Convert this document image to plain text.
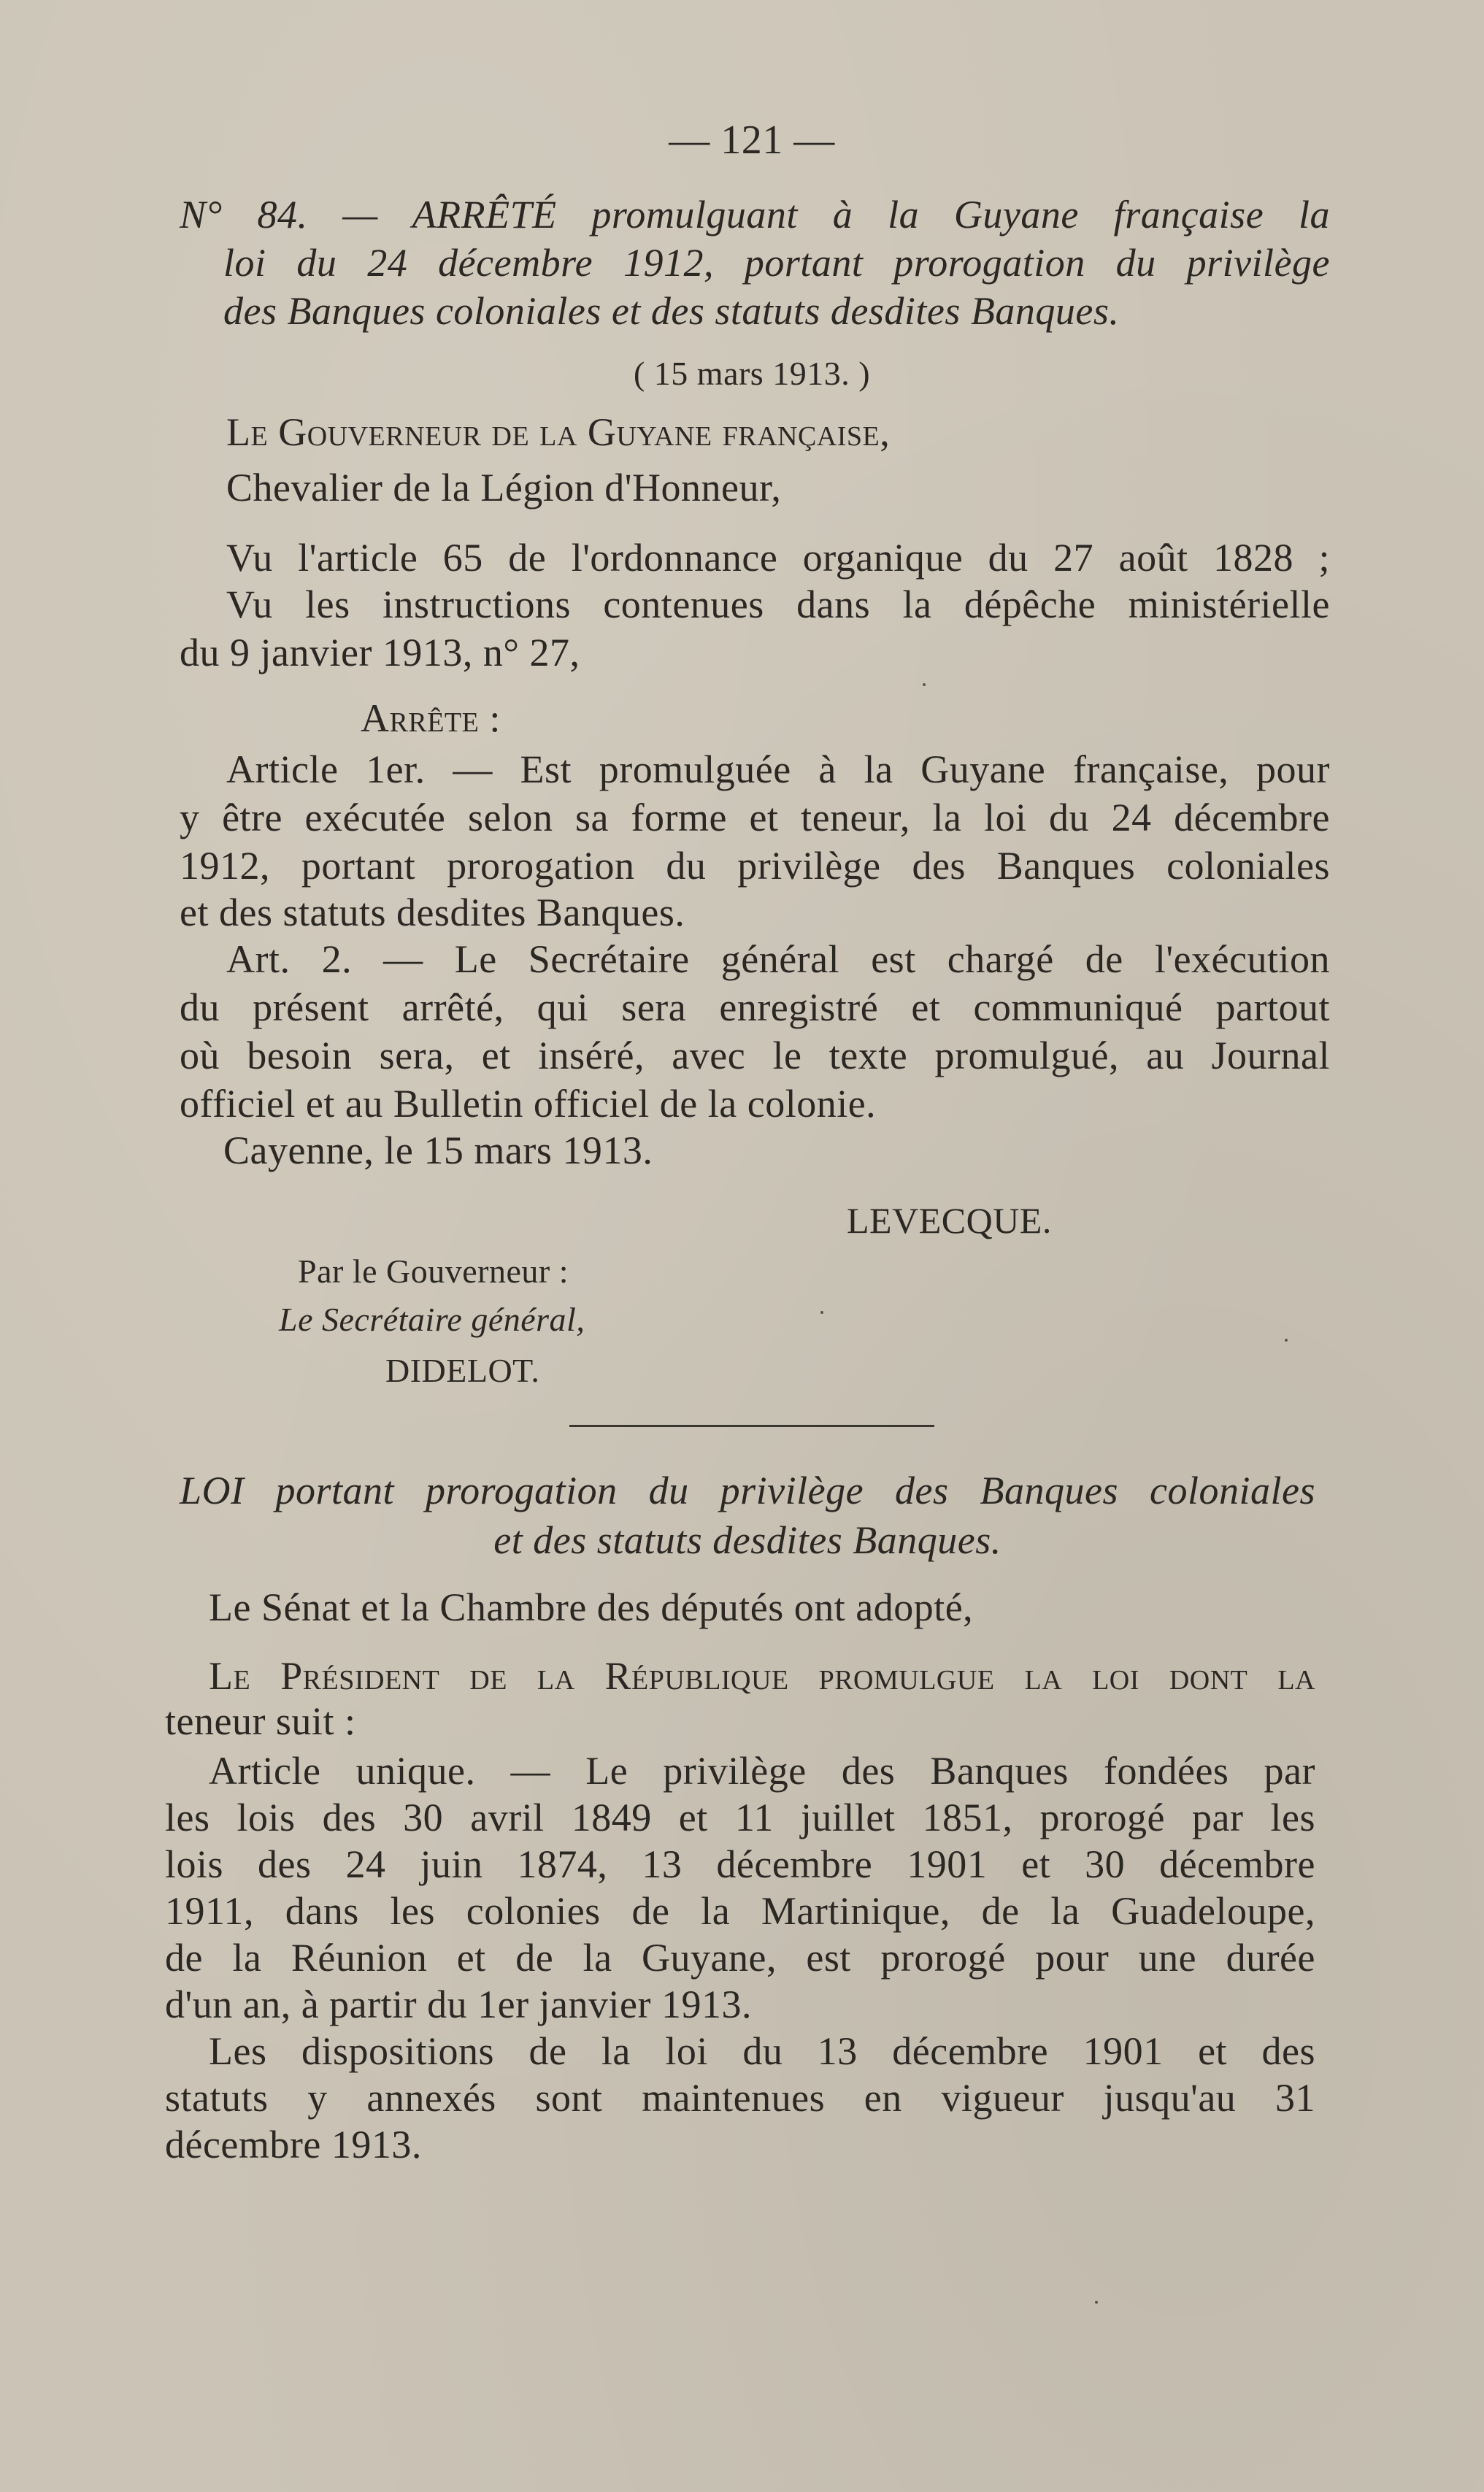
— 121 —
N° 84. — ARRÊTÉ promulguant à la Guyane française la
loi du 24 décembre 1912, portant prorogation du privilège
des Banques coloniales et des statuts desdites Banques.
( 15 mars 1913. )
Le Gouverneur de la Guyane française,
Chevalier de la Légion d'Honneur,
Vu l'article 65 de l'ordonnance organique du 27 août 1828 ;
Vu les instructions contenues dans la dépêche ministérielle
du 9 janvier 1913, n° 27,
Arrête :
Article 1er. — Est promulguée à la Guyane française, pour
y être exécutée selon sa forme et teneur, la loi du 24 décembre
1912, portant prorogation du privilège des Banques coloniales
et des statuts desdites Banques.
Art. 2. — Le Secrétaire général est chargé de l'exécution
du présent arrêté, qui sera enregistré et communiqué partout
où besoin sera, et inséré, avec le texte promulgué, au Journal
officiel et au Bulletin officiel de la colonie.
Cayenne, le 15 mars 1913.
LEVECQUE.
Par le Gouverneur :
Le Secrétaire général,
DIDELOT.
LOI portant prorogation du privilège des Banques coloniales
et des statuts desdites Banques.
Le Sénat et la Chambre des députés ont adopté,
Le Président de la République promulgue la loi dont la
teneur suit :
Article unique. — Le privilège des Banques fondées par
les lois des 30 avril 1849 et 11 juillet 1851, prorogé par les
lois des 24 juin 1874, 13 décembre 1901 et 30 décembre
1911, dans les colonies de la Martinique, de la Guadeloupe,
de la Réunion et de la Guyane, est prorogé pour une durée
d'un an, à partir du 1er janvier 1913.
Les dispositions de la loi du 13 décembre 1901 et des
statuts y annexés sont maintenues en vigueur jusqu'au 31
décembre 1913.
